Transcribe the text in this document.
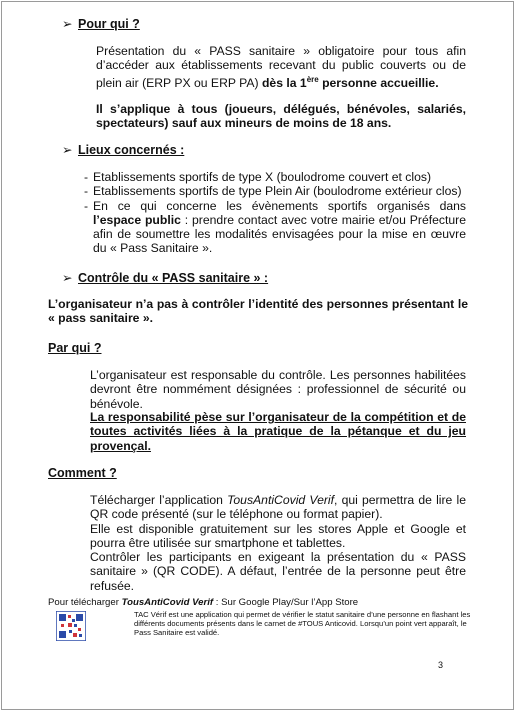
➢ Pour qui ?
Présentation du « PASS sanitaire » obligatoire pour tous afin d’accéder aux établissements recevant du public couverts ou de plein air (ERP PX ou ERP PA) dès la 1ère personne accueillie.
Il s’applique à tous (joueurs, délégués, bénévoles, salariés, spectateurs) sauf aux mineurs de moins de 18 ans.
➢ Lieux concernés :
- Etablissements sportifs de type X (boulodrome couvert et clos)
- Etablissements sportifs de type Plein Air (boulodrome extérieur clos)
- En ce qui concerne les évènements sportifs organisés dans l’espace public : prendre contact avec votre mairie et/ou Préfecture afin de soumettre les modalités envisagées pour la mise en œuvre du « Pass Sanitaire ».
➢ Contrôle du « PASS sanitaire » :
L’organisateur n’a pas à contrôler l’identité des personnes présentant le « pass sanitaire ».
Par qui ?
L’organisateur est responsable du contrôle. Les personnes habilitées devront être nommément désignées : professionnel de sécurité ou bénévole.
La responsabilité pèse sur l’organisateur de la compétition et de toutes activités liées à la pratique de la pétanque et du jeu provençal.
Comment ?
Télécharger l’application TousAntiCovid Verif, qui permettra de lire le QR code présenté (sur le téléphone ou format papier).
Elle est disponible gratuitement sur les stores Apple et Google et pourra être utilisée sur smartphone et tablettes.
Contrôler les participants en exigeant la présentation du « PASS sanitaire » (QR CODE). A défaut, l’entrée de la personne peut être refusée.
Pour télécharger TousAntiCovid Verif : Sur Google Play/Sur l’App Store
TAC Vérif est une application qui permet de vérifier le statut sanitaire d’une personne en flashant les différents documents présents dans le carnet de #TOUS Anticovid. Lorsqu’un point vert apparaît, le Pass Sanitaire est validé.
3
